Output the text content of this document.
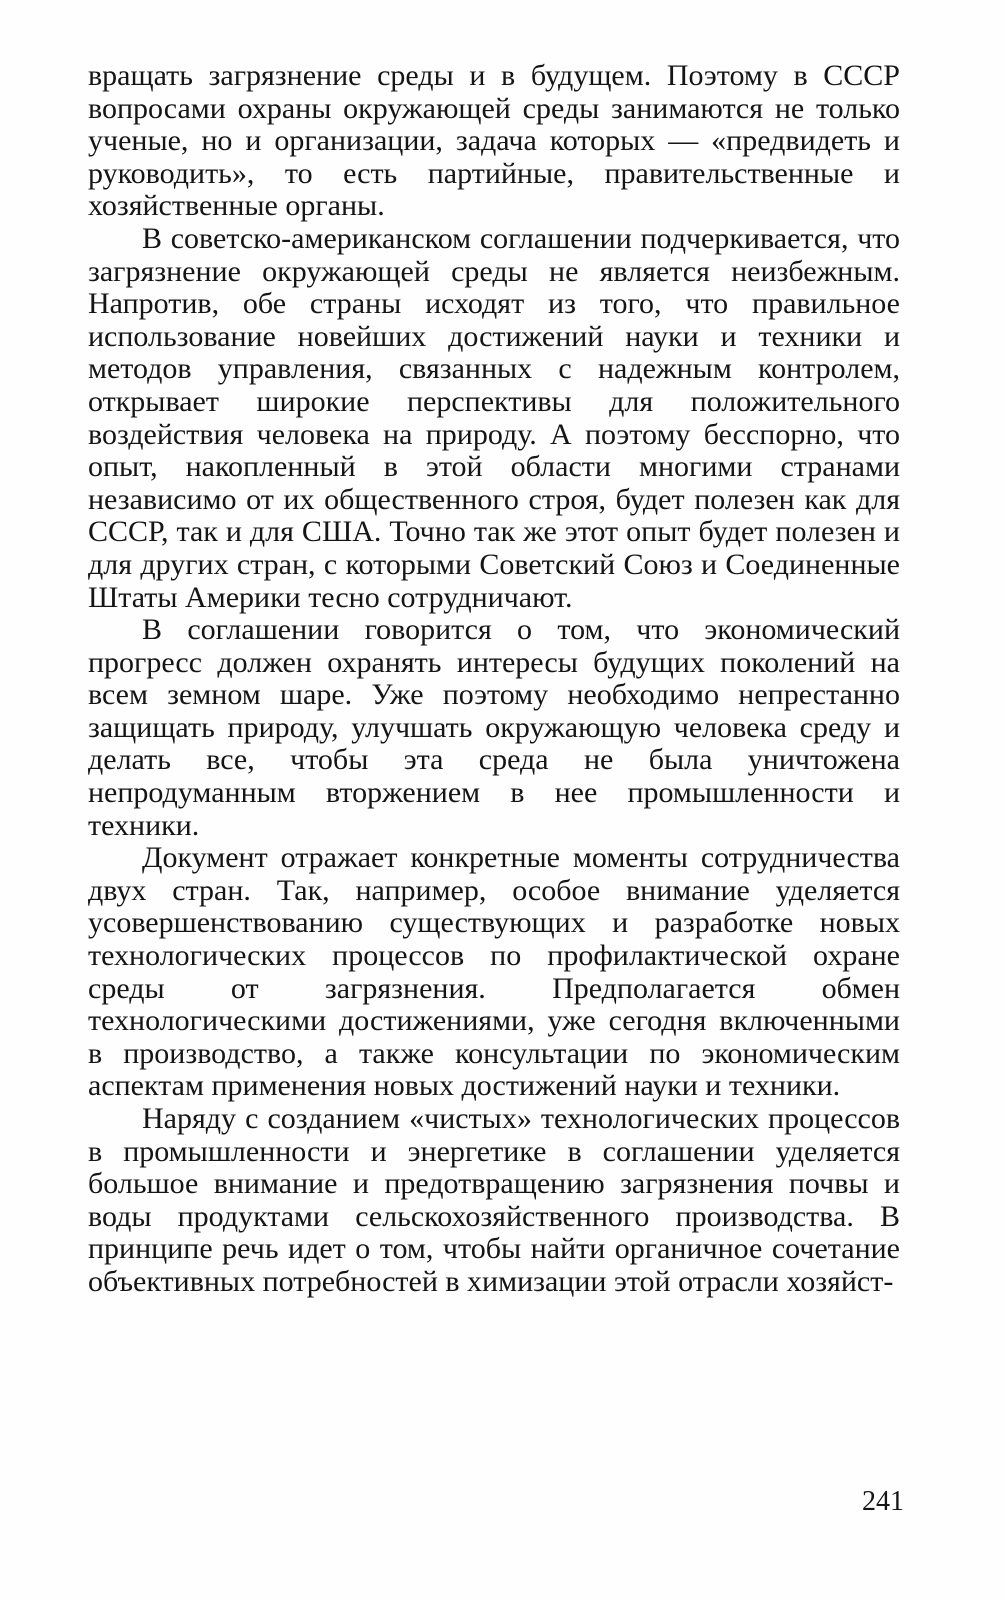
вращать загрязнение среды и в будущем. Поэтому в СССР вопросами охраны окружающей среды занимаются не только ученые, но и организации, задача которых — «предвидеть и руководить», то есть партийные, правительственные и хозяйственные органы.

В советско-американском соглашении подчеркивается, что загрязнение окружающей среды не является неизбежным. Напротив, обе страны исходят из того, что правильное использование новейших достижений науки и техники и методов управления, связанных с надежным контролем, открывает широкие перспективы для положительного воздействия человека на природу. А поэтому бесспорно, что опыт, накопленный в этой области многими странами независимо от их общественного строя, будет полезен как для СССР, так и для США. Точно так же этот опыт будет полезен и для других стран, с которыми Советский Союз и Соединенные Штаты Америки тесно сотрудничают.

В соглашении говорится о том, что экономический прогресс должен охранять интересы будущих поколений на всем земном шаре. Уже поэтому необходимо непрестанно защищать природу, улучшать окружающую человека среду и делать все, чтобы эта среда не была уничтожена непродуманным вторжением в нее промышленности и техники.

Документ отражает конкретные моменты сотрудничества двух стран. Так, например, особое внимание уделяется усовершенствованию существующих и разработке новых технологических процессов по профилактической охране среды от загрязнения. Предполагается обмен технологическими достижениями, уже сегодня включенными в производство, а также консультации по экономическим аспектам применения новых достижений науки и техники.

Наряду с созданием «чистых» технологических процессов в промышленности и энергетике в соглашении уделяется большое внимание и предотвращению загрязнения почвы и воды продуктами сельскохозяйственного производства. В принципе речь идет о том, чтобы найти органичное сочетание объективных потребностей в химизации этой отрасли хозяйст-

241
